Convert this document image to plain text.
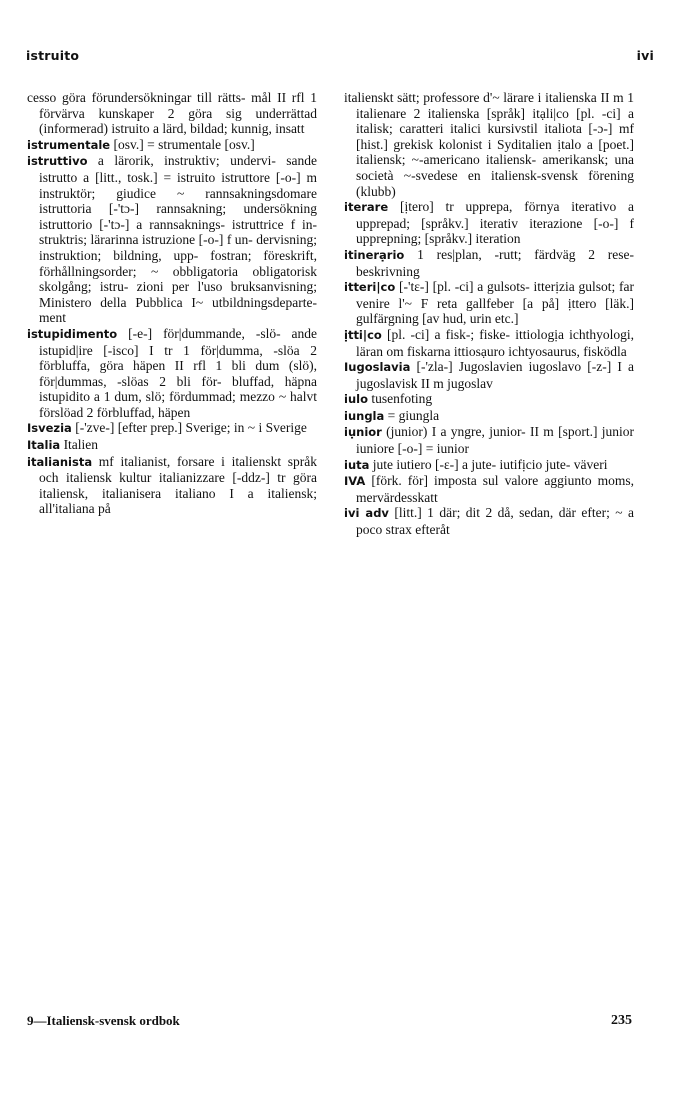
istruito	ivi

cesso göra förundersökningar till rätts- mål II rfl 1 förvärva kunskaper 2 göra sig underrättad (informerad) istruito a lärd, bildad; kunnig, insatt

istrumentale [osv.] = strumentale [osv.]

istruttivo a lärorik, instruktiv; undervi- sande istrutto a [litt., tosk.] = istruito istruttore [-o-] m instruktör; giudice ~ rannsakningsdomare istruttoria [-'tɔ-] rannsakning; undersökning istruttorio [-'tɔ-] a rannsaknings- istruttrice f in- struktris; lärarinna istruzione [-o-] f un- dervisning; instruktion; bildning, upp- fostran; föreskrift, förhållningsorder; ~ obbligatoria obligatorisk skolgång; istru- zioni per l'uso bruksanvisning; Ministero della Pubblica I~ utbildningsdeparte- ment

istupidimento [-e-] för|dummande, -slö- ande istupid|ire [-isco] I tr 1 för|dumma, -slöa 2 förbluffa, göra häpen II rfl 1 bli dum (slö), för|dummas, -slöas 2 bli för- bluffad, häpna istupidito a 1 dum, slö; fördummad; mezzo ~ halvt förslöad 2 förbluffad, häpen

Isvezia [-'zve-] [efter prep.] Sverige; in ~ i Sverige

Italia Italien

italianista mf italianist, forsare i italienskt språk och italiensk kultur italianizzare [-ddz-] tr göra italiensk, italianisera italiano I a italiensk; all'italiana på

italienskt sätt; professore d'~ lärare i italienska II m 1 italienare 2 italienska [språk] itạli|co [pl. -ci] a italisk; caratteri italici kursivstil italiota [-ɔ-] mf [hist.] grekisk kolonist i Syditalien ịtalo a [poet.] italiensk; ~-americano italiensk- amerikansk; una società ~-svedese en italiensk-svensk förening (klubb)

iterare [ịtero] tr upprepa, förnya iterativo a upprepad; [språkv.] iterativ iterazione [-o-] f upprepning; [språkv.] iteration

itinerạrio 1 res|plan, -rutt; färdväg 2 rese- beskrivning

itteri|co [-'tɛ-] [pl. -ci] a gulsots- itterịzia gulsot; far venire l'~ F reta gallfeber [a på] ịttero [läk.] gulfärgning [av hud, urin etc.]

ịtti|co [pl. -ci] a fisk-; fiske- ittiologịa ichthyologi, läran om fiskarna ittiosạuro ichtyosaurus, fisködla

Iugoslavia [-'zla-] Jugoslavien iugoslavo [-z-] I a jugoslavisk II m jugoslav

iulo tusenfoting

iungla = giungla

iụnior (junior) I a yngre, junior- II m [sport.] junior iuniore [-o-] = iunior

iuta jute iutiero [-ɛ-] a jute- iutifịcio jute- väveri

IVA [förk. för] imposta sul valore aggiunto moms, mervärdesskatt

ivi adv [litt.] 1 där; dit 2 då, sedan, där efter; ~ a poco strax efteråt

9—Italiensk-svensk ordbok	235
